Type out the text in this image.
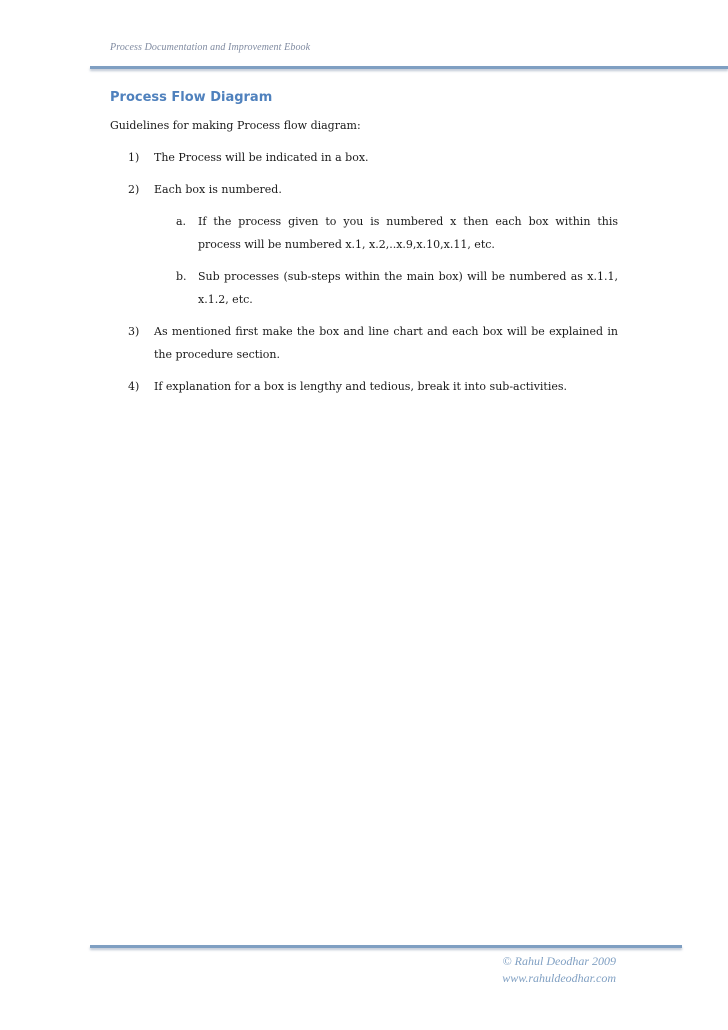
Process Documentation and Improvement Ebook
Process Flow Diagram

Guidelines for making Process flow diagram:

1) The Process will be indicated in a box.
2) Each box is numbered.
a. If the process given to you is numbered x then each box within this process will be numbered x.1, x.2,..x.9,x.10,x.11, etc.
b. Sub processes (sub-steps within the main box) will be numbered as x.1.1, x.1.2, etc.
3) As mentioned first make the box and line chart and each box will be explained in the procedure section.
4) If explanation for a box is lengthy and tedious, break it into sub-activities.
© Rahul Deodhar 2009
www.rahuldeodhar.com
